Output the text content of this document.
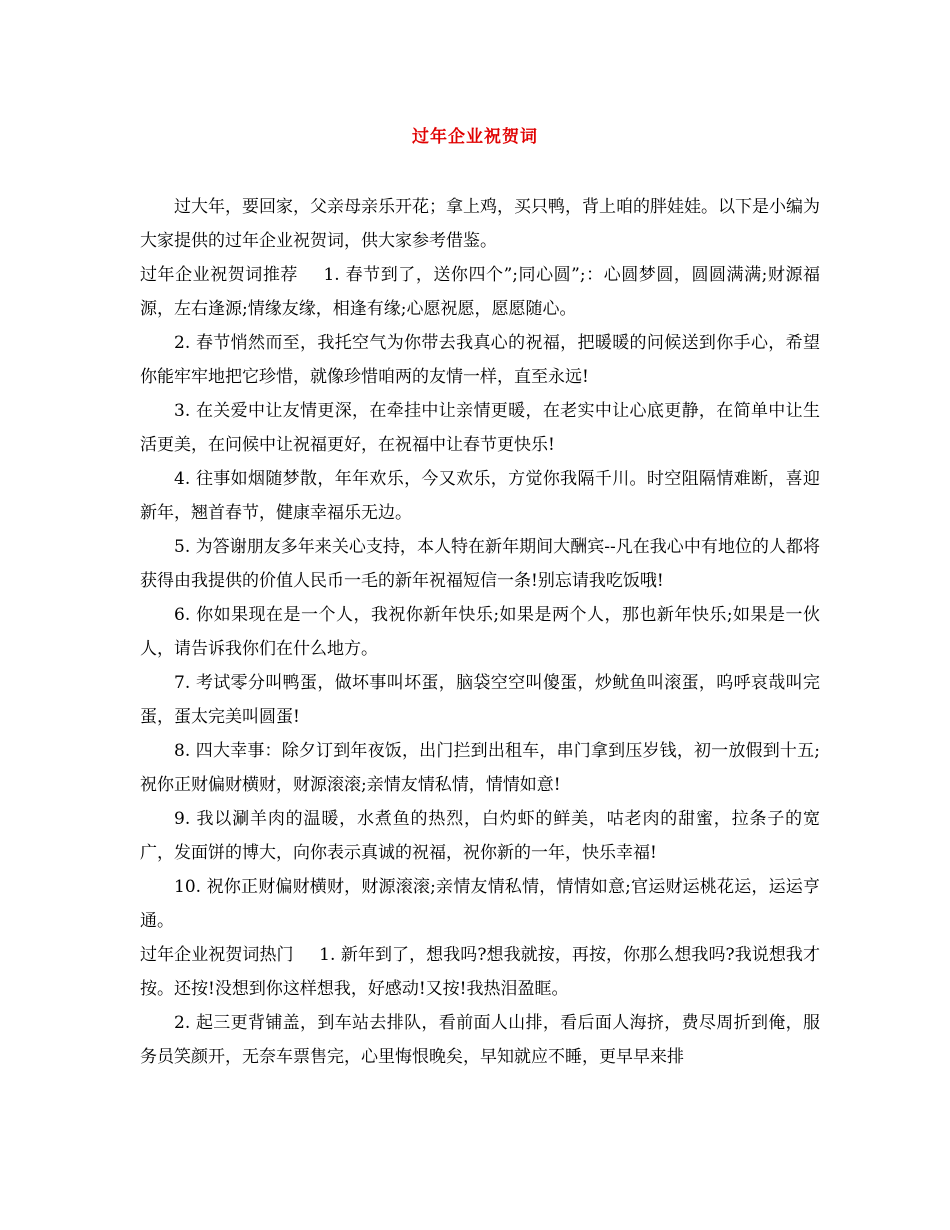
过年企业祝贺词

过大年，要回家，父亲母亲乐开花；拿上鸡，买只鸭，背上咱的胖娃娃。以下是小编为大家提供的过年企业祝贺词，供大家参考借鉴。

过年企业祝贺词推荐 1. 春节到了，送你四个”;同心圆”;：心圆梦圆，圆圆满满;财源福源，左右逢源;情缘友缘，相逢有缘;心愿祝愿，愿愿随心。

2. 春节悄然而至，我托空气为你带去我真心的祝福，把暖暖的问候送到你手心，希望你能牢牢地把它珍惜，就像珍惜咱两的友情一样，直至永远!

3. 在关爱中让友情更深，在牵挂中让亲情更暖，在老实中让心底更静，在简单中让生活更美，在问候中让祝福更好，在祝福中让春节更快乐!

4. 往事如烟随梦散，年年欢乐，今又欢乐，方觉你我隔千川。时空阻隔情难断，喜迎新年，翘首春节，健康幸福乐无边。

5. 为答谢朋友多年来关心支持，本人特在新年期间大酬宾--凡在我心中有地位的人都将获得由我提供的价值人民币一毛的新年祝福短信一条!别忘请我吃饭哦!

6. 你如果现在是一个人，我祝你新年快乐;如果是两个人，那也新年快乐;如果是一伙人，请告诉我你们在什么地方。

7. 考试零分叫鸭蛋，做坏事叫坏蛋，脑袋空空叫傻蛋，炒鱿鱼叫滚蛋，呜呼哀哉叫完蛋，蛋太完美叫圆蛋!

8. 四大幸事：除夕订到年夜饭，出门拦到出租车，串门拿到压岁钱，初一放假到十五;祝你正财偏财横财，财源滚滚;亲情友情私情，情情如意!

9. 我以涮羊肉的温暖，水煮鱼的热烈，白灼虾的鲜美，咕老肉的甜蜜，拉条子的宽广，发面饼的博大，向你表示真诚的祝福，祝你新的一年，快乐幸福!

10. 祝你正财偏财横财，财源滚滚;亲情友情私情，情情如意;官运财运桃花运，运运亨通。

过年企业祝贺词热门 1. 新年到了，想我吗?想我就按，再按，你那么想我吗?我说想我才按。还按!没想到你这样想我，好感动!又按!我热泪盈眶。

2. 起三更背铺盖，到车站去排队，看前面人山排，看后面人海挤，费尽周折到俺，服务员笑颜开，无奈车票售完，心里悔恨晚矣，早知就应不睡，更早早来排
